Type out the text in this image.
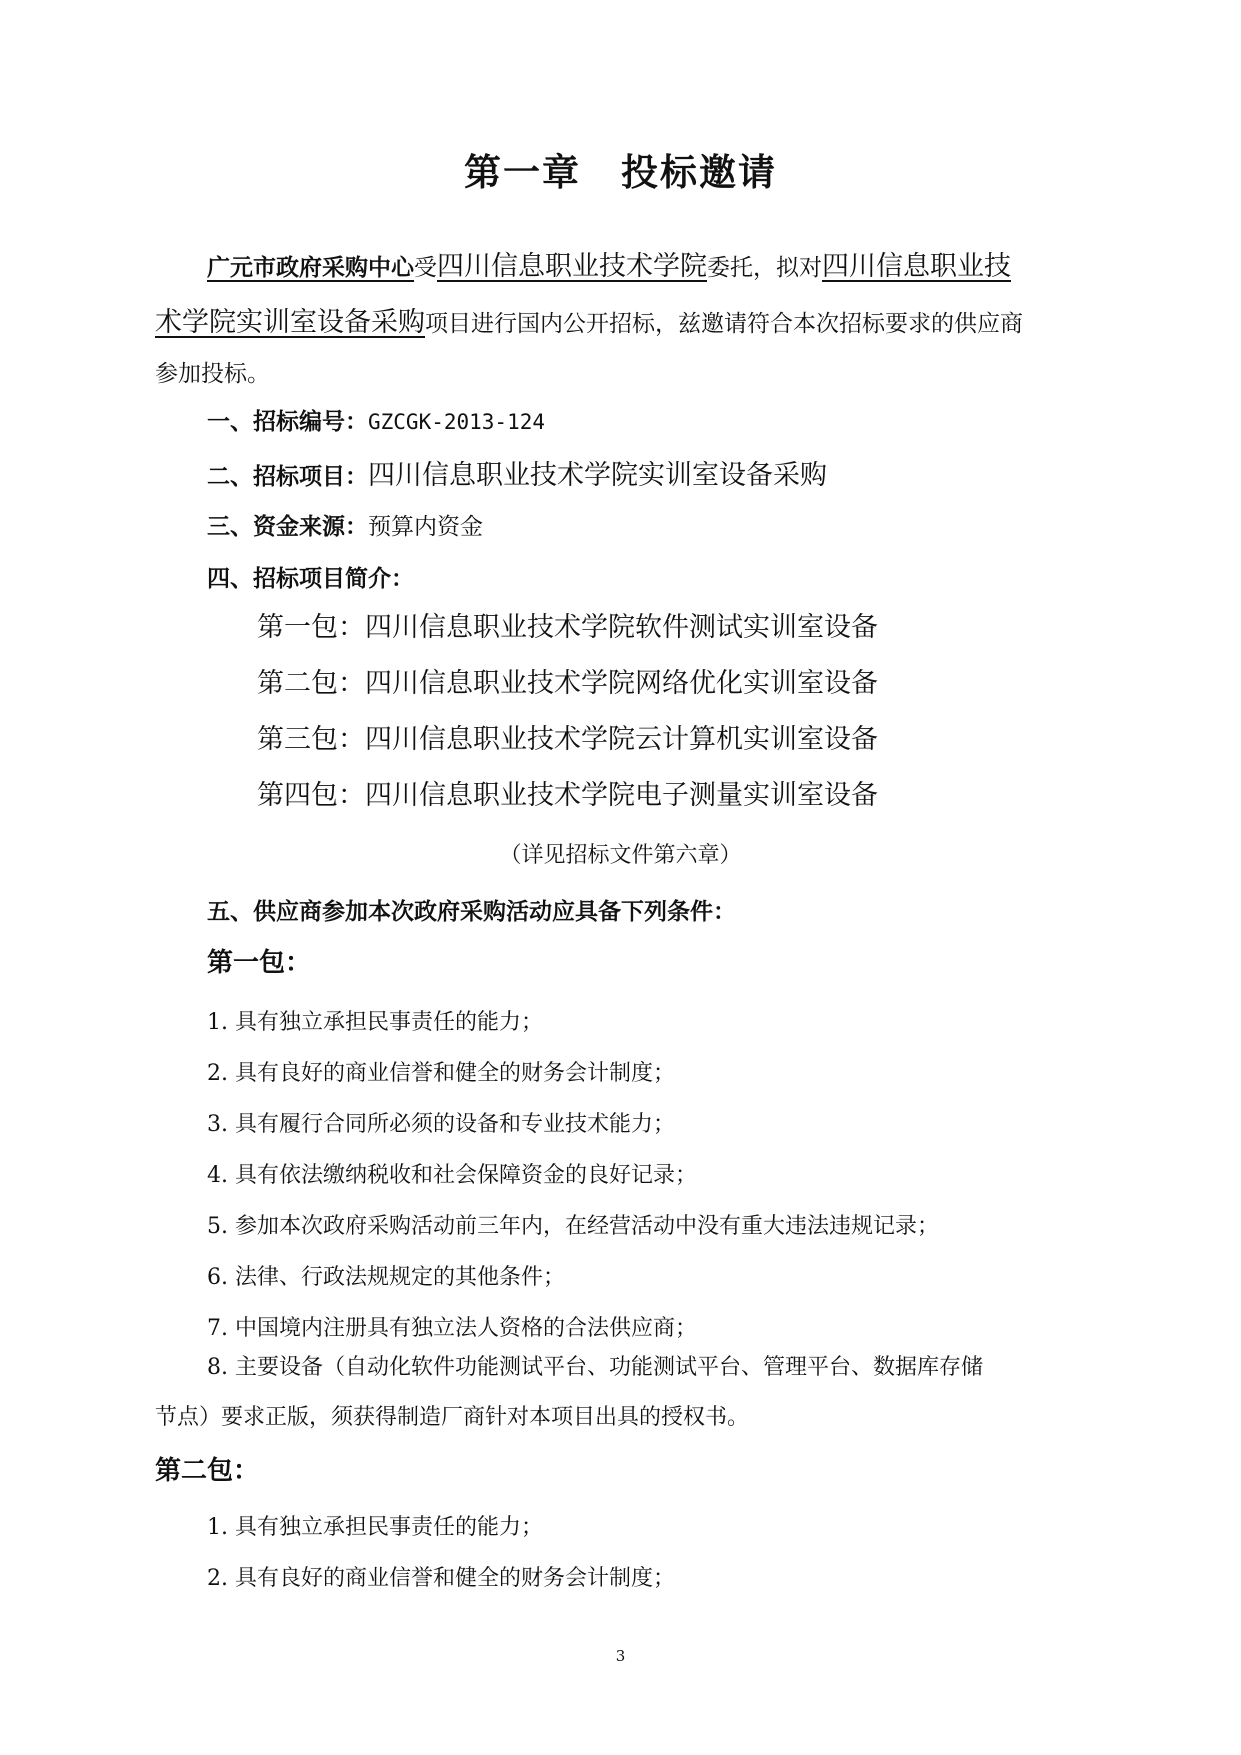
第一章 投标邀请
广元市政府采购中心受四川信息职业技术学院委托，拟对四川信息职业技
术学院实训室设备采购项目进行国内公开招标，兹邀请符合本次招标要求的供应商
参加投标。
一、招标编号：GZCGK-2013-124
二、招标项目：四川信息职业技术学院实训室设备采购
三、资金来源：预算内资金
四、招标项目简介：
第一包：四川信息职业技术学院软件测试实训室设备
第二包：四川信息职业技术学院网络优化实训室设备
第三包：四川信息职业技术学院云计算机实训室设备
第四包：四川信息职业技术学院电子测量实训室设备
（详见招标文件第六章）
五、供应商参加本次政府采购活动应具备下列条件：
第一包：
1. 具有独立承担民事责任的能力；
2. 具有良好的商业信誉和健全的财务会计制度；
3. 具有履行合同所必须的设备和专业技术能力；
4. 具有依法缴纳税收和社会保障资金的良好记录；
5. 参加本次政府采购活动前三年内，在经营活动中没有重大违法违规记录；
6. 法律、行政法规规定的其他条件；
7. 中国境内注册具有独立法人资格的合法供应商；
8. 主要设备（自动化软件功能测试平台、功能测试平台、管理平台、数据库存储
节点）要求正版，须获得制造厂商针对本项目出具的授权书。
第二包：
1. 具有独立承担民事责任的能力；
2. 具有良好的商业信誉和健全的财务会计制度；
3
